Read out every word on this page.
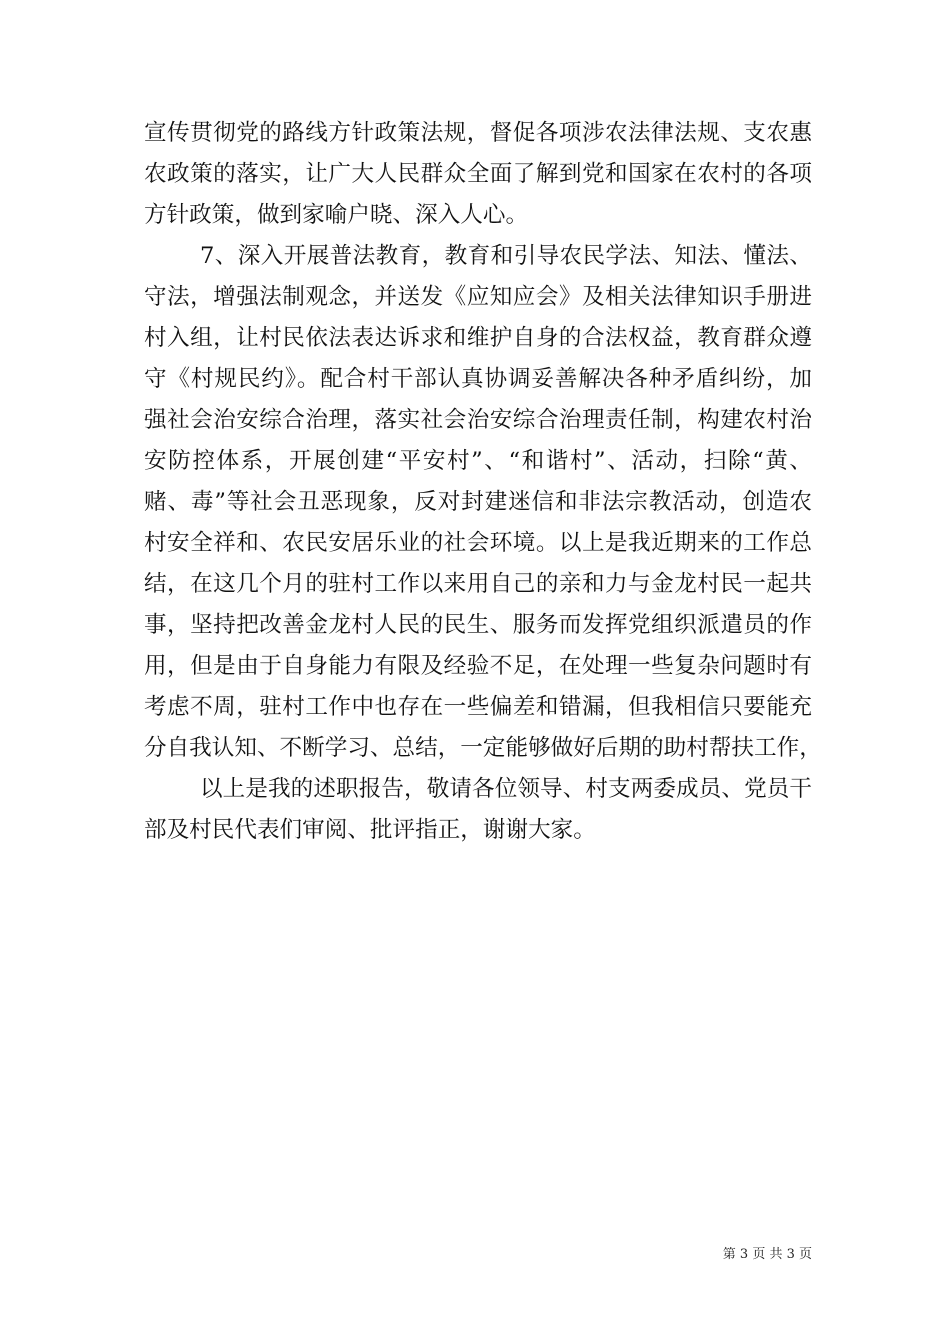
宣传贯彻党的路线方针政策法规，督促各项涉农法律法规、支农惠
农政策的落实，让广大人民群众全面了解到党和国家在农村的各项
方针政策，做到家喻户晓、深入人心。
7、深入开展普法教育，教育和引导农民学法、知法、懂法、
守法，增强法制观念，并送发《应知应会》及相关法律知识手册进
村入组，让村民依法表达诉求和维护自身的合法权益，教育群众遵
守《村规民约》。配合村干部认真协调妥善解决各种矛盾纠纷，加
强社会治安综合治理，落实社会治安综合治理责任制，构建农村治
安防控体系，开展创建“平安村”、“和谐村”、活动，扫除“黄、
赌、毒”等社会丑恶现象，反对封建迷信和非法宗教活动，创造农
村安全祥和、农民安居乐业的社会环境。以上是我近期来的工作总
结，在这几个月的驻村工作以来用自己的亲和力与金龙村民一起共
事，坚持把改善金龙村人民的民生、服务而发挥党组织派遣员的作
用，但是由于自身能力有限及经验不足，在处理一些复杂问题时有
考虑不周，驻村工作中也存在一些偏差和错漏，但我相信只要能充
分自我认知、不断学习、总结，一定能够做好后期的助村帮扶工作，
以上是我的述职报告，敬请各位领导、村支两委成员、党员干
部及村民代表们审阅、批评指正，谢谢大家。
第 3 页 共 3 页
